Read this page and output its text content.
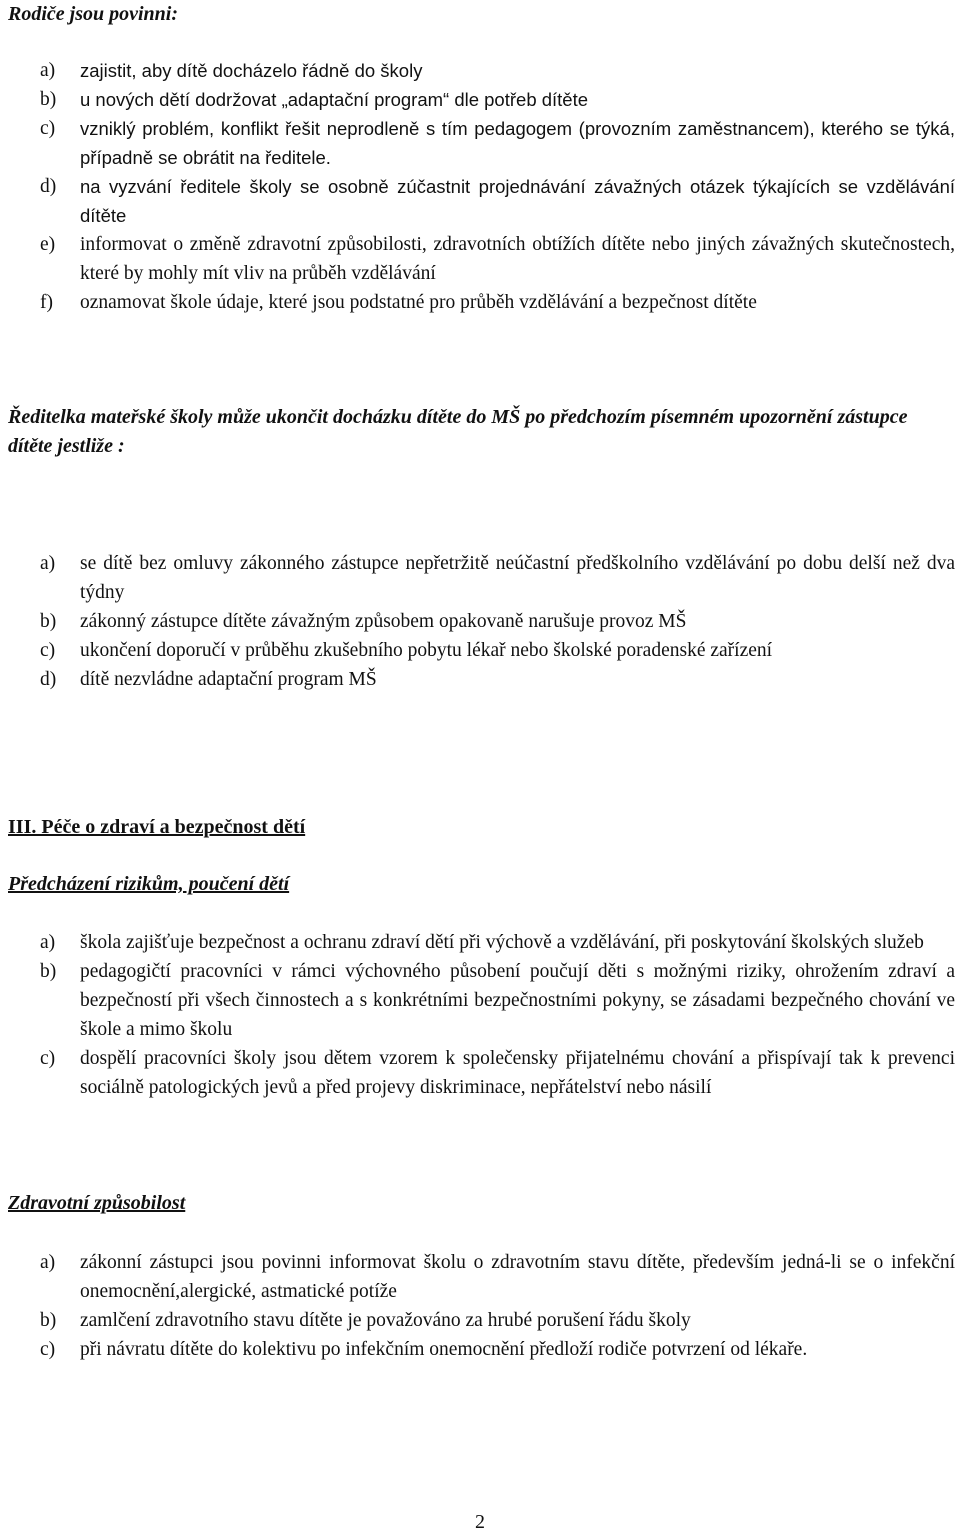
Rodiče jsou povinni:
a)	zajistit, aby dítě docházelo řádně do školy
b)	u nových dětí dodržovat „adaptační program“ dle potřeb dítěte
c)	vzniklý problém, konflikt řešit neprodleně s tím pedagogem (provozním zaměstnancem), kterého se týká, případně se obrátit na ředitele.
d)	na vyzvání ředitele školy se osobně zúčastnit projednávání závažných otázek týkajících se vzdělávání dítěte
e)	informovat o změně zdravotní způsobilosti, zdravotních obtížích dítěte nebo jiných závažných skutečnostech, které by mohly mít vliv na průběh vzdělávání
f)	oznamovat škole údaje, které jsou podstatné pro průběh vzdělávání a bezpečnost dítěte
Ředitelka mateřské školy může ukončit docházku dítěte do MŠ po předchozím písemném upozornění zástupce dítěte jestliže :
a)	se dítě bez omluvy zákonného zástupce nepřetržitě neúčastní předškolního vzdělávání po dobu delší než dva týdny
b)	zákonný zástupce dítěte závažným způsobem opakovaně narušuje provoz MŠ
c)	ukončení doporučí v průběhu zkušebního pobytu lékař nebo školské poradenské zařízení
d)	dítě nezvládne adaptační program MŠ
III. Péče o zdraví a bezpečnost dětí
Předcházení rizikům, poučení dětí
a)	škola zajišťuje bezpečnost a ochranu zdraví dětí při výchově a vzdělávání, při poskytování školských služeb
b)	pedagogičtí pracovníci v rámci výchovného působení poučují děti s možnými riziky, ohrožením zdraví a bezpečností při všech činnostech a s konkrétními bezpečnostními pokyny, se zásadami bezpečného chování ve škole a mimo školu
c)	dospělí pracovníci školy jsou dětem vzorem k společensky přijatelnému chování a přispívají tak k prevenci sociálně patologických jevů a před projevy diskriminace, nepřátelství nebo násilí
Zdravotní způsobilost
a)	zákonní zástupci jsou povinni informovat školu o zdravotním stavu dítěte, především jedná-li se o infekční onemocnění,alergické, astmatické potíže
b)	zamlčení zdravotního stavu dítěte je považováno za hrubé porušení řádu školy
c)	při návratu dítěte do kolektivu po infekčním onemocnění předloží rodiče potvrzení od lékaře.
2
